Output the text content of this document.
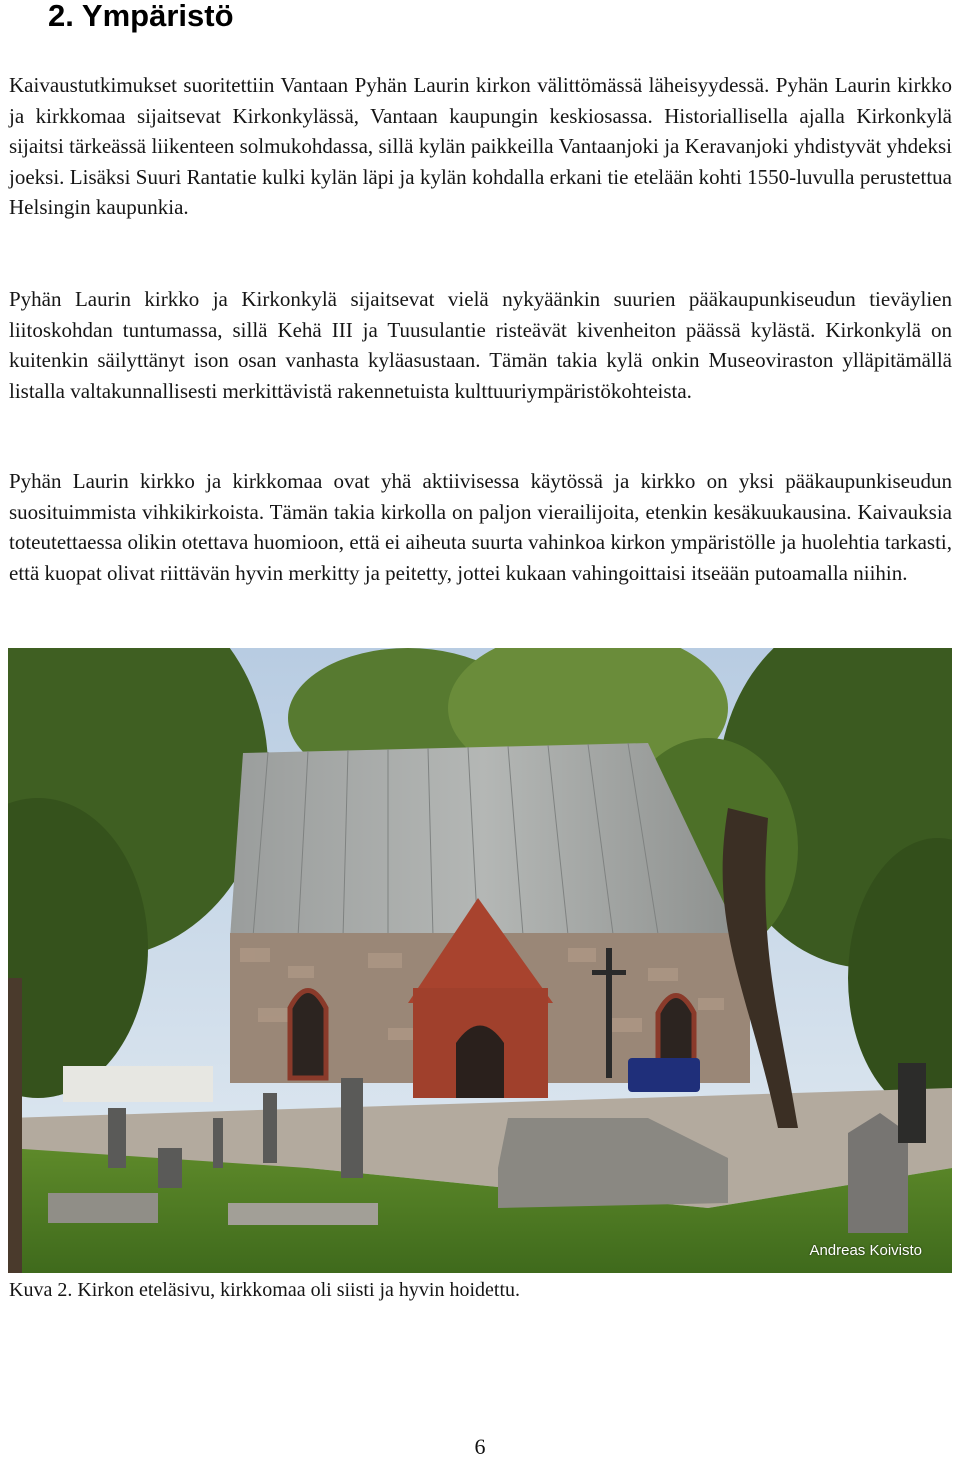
2. Ympäristö

Kaivaustutkimukset suoritettiin Vantaan Pyhän Laurin kirkon välittömässä läheisyydessä. Pyhän Laurin kirkko ja kirkkomaa sijaitsevat Kirkonkylässä, Vantaan kaupungin keskiosassa. Historiallisella ajalla Kirkonkylä sijaitsi tärkeässä liikenteen solmukohdassa, sillä kylän paikkeilla Vantaanjoki ja Keravanjoki yhdistyvät yhdeksi joeksi. Lisäksi Suuri Rantatie kulki kylän läpi ja kylän kohdalla erkani tie etelään kohti 1550-luvulla perustettua Helsingin kaupunkia.

Pyhän Laurin kirkko ja Kirkonkylä sijaitsevat vielä nykyäänkin suurien pääkaupunkiseudun tieväylien liitoskohdan tuntumassa, sillä Kehä III ja Tuusulantie risteävät kivenheiton päässä kylästä. Kirkonkylä on kuitenkin säilyttänyt ison osan vanhasta kyläasustaan. Tämän takia kylä onkin Museoviraston ylläpitämällä listalla valtakunnallisesti merkittävistä rakennetuista kulttuuriympäristökohteista.

Pyhän Laurin kirkko ja kirkkomaa ovat yhä aktiivisessa käytössä ja kirkko on yksi pääkaupunkiseudun suosituimmista vihkikirkoista. Tämän takia kirkolla on paljon vierailijoita, etenkin kesäkuukausina. Kaivauksia toteutettaessa olikin otettava huomioon, että ei aiheuta suurta vahinkoa kirkon ympäristölle ja huolehtia tarkasti, että kuopat olivat riittävän hyvin merkitty ja peitetty, jottei kukaan vahingoittaisi itseään putoamalla niihin.

Andreas Koivisto

Kuva 2. Kirkon eteläsivu, kirkkomaa oli siisti ja hyvin hoidettu.

6
